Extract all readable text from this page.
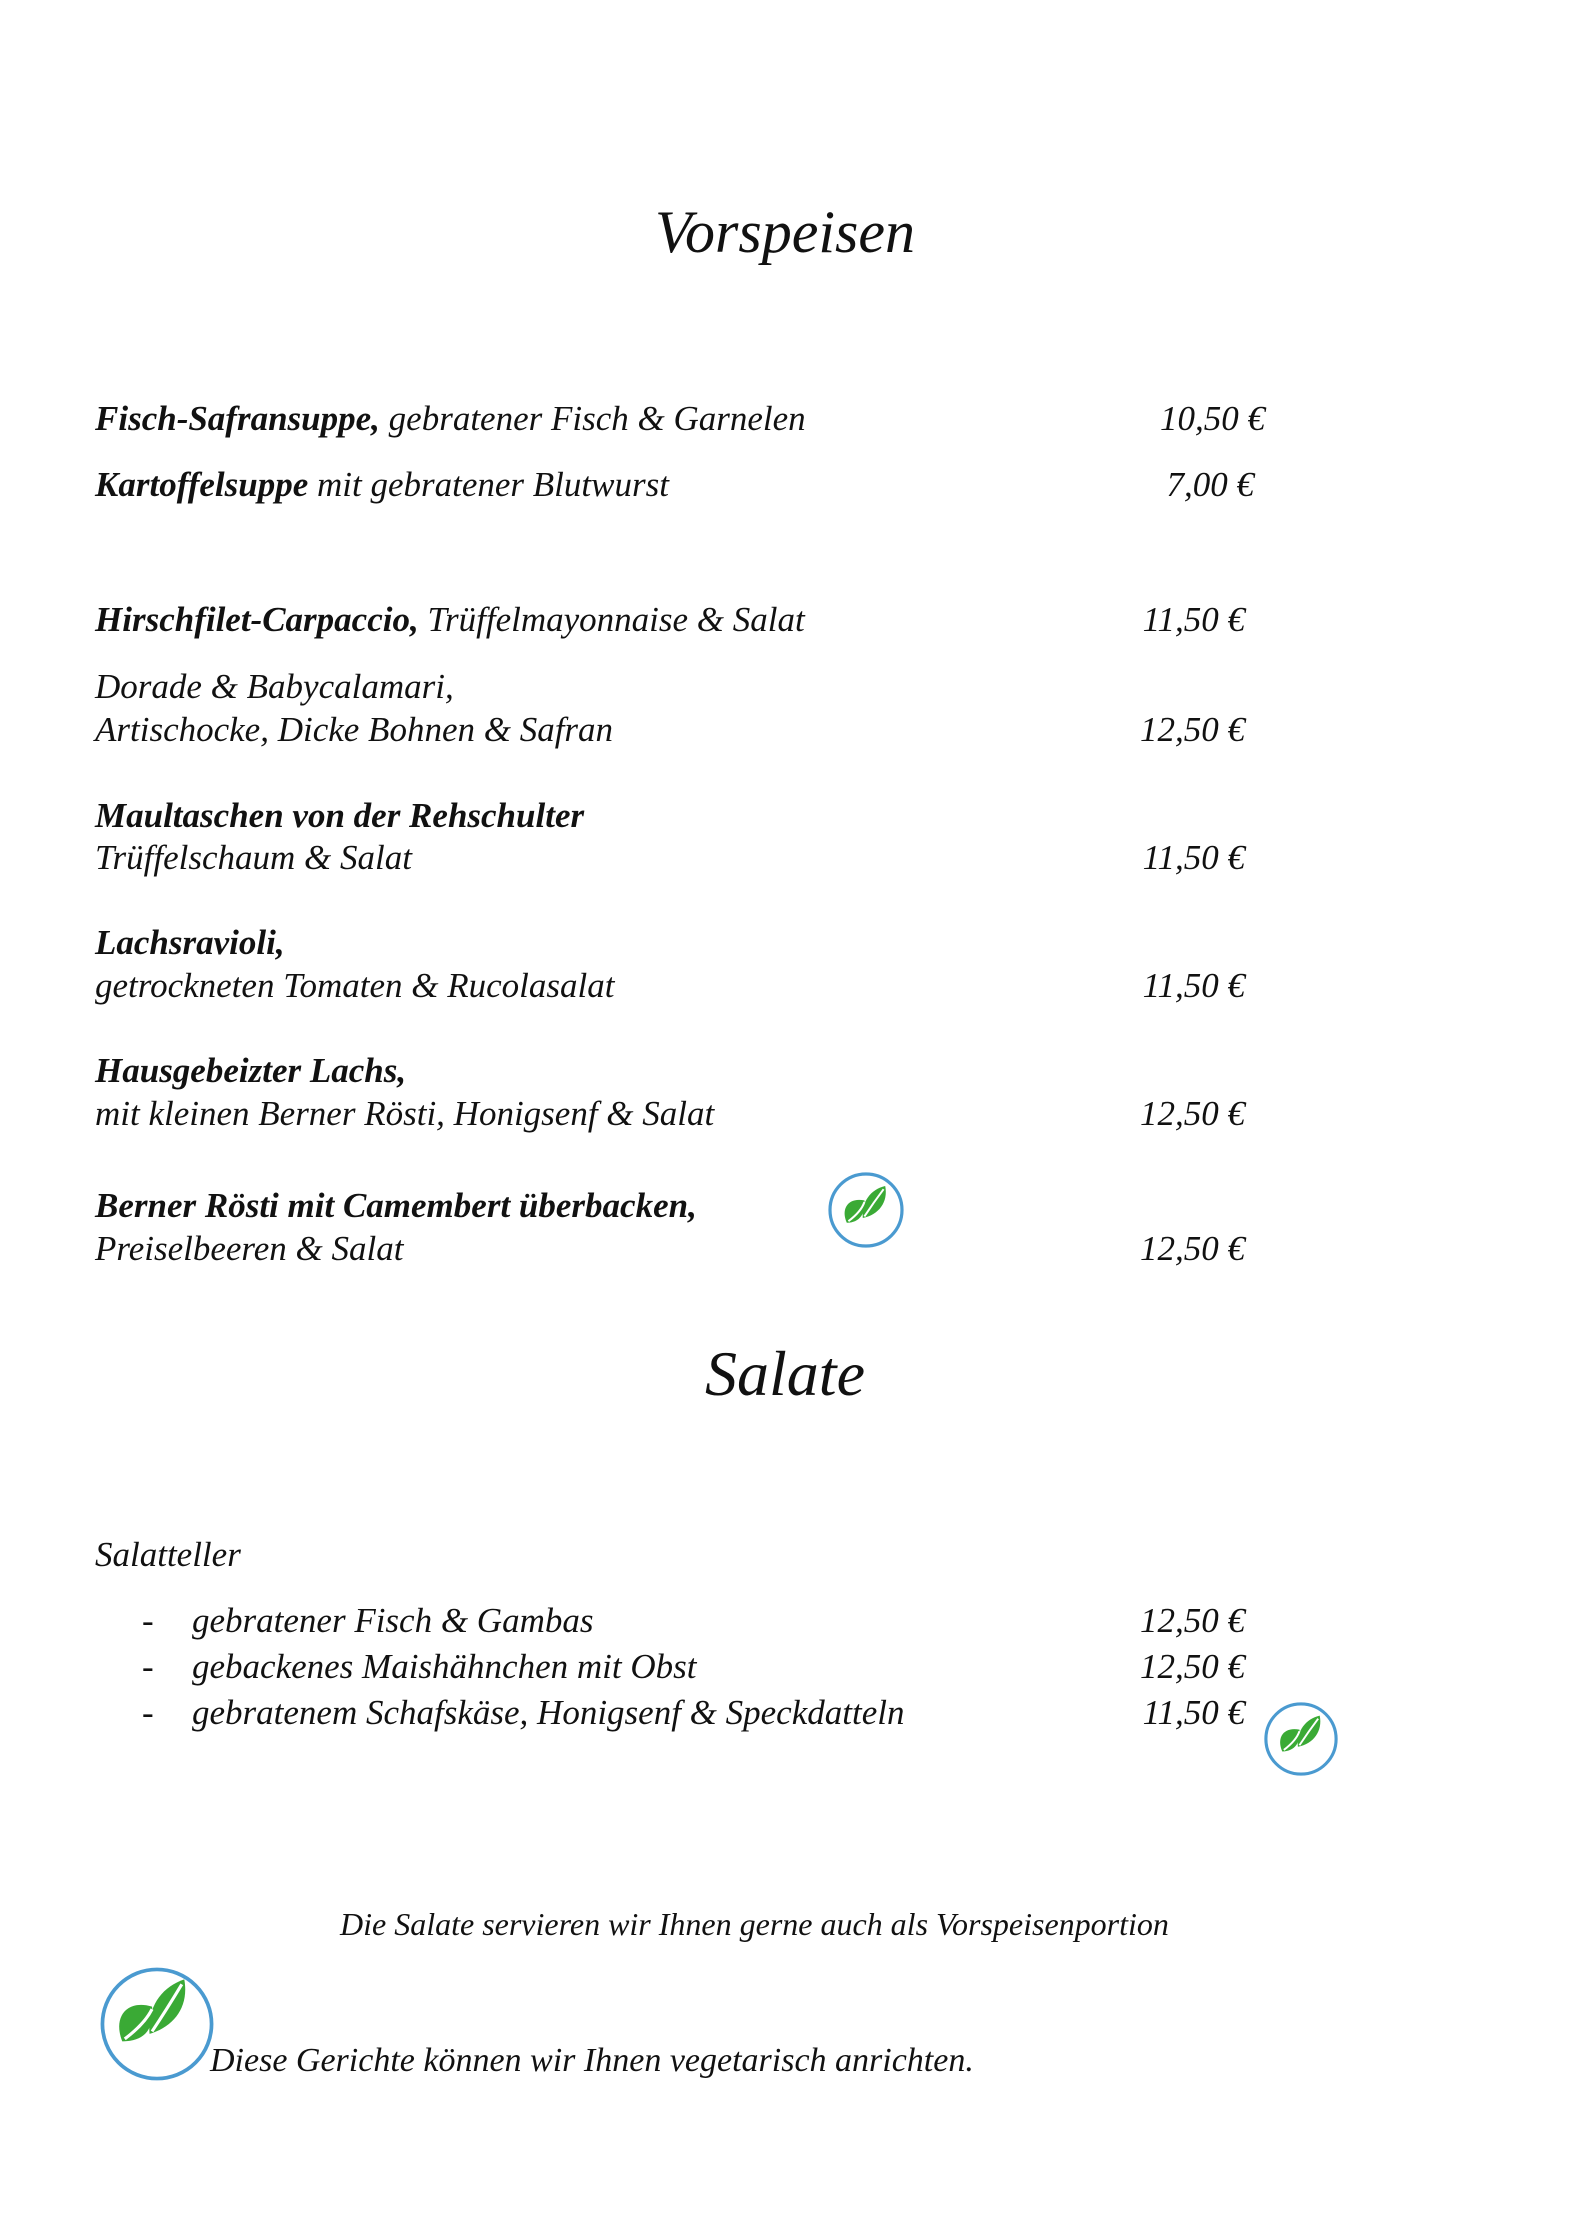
Vorspeisen
Fisch-Safransuppe, gebratener Fisch & Garnelen	10,50 €
Kartoffelsuppe mit gebratener Blutwurst	7,00 €
Hirschfilet-Carpaccio, Trüffelmayonnaise & Salat	11,50 €
Dorade & Babycalamari,
Artischocke, Dicke Bohnen & Safran	12,50 €
Maultaschen von der Rehschulter
Trüffelschaum & Salat	11,50 €
Lachsravioli,
getrockneten Tomaten & Rucolasalat	11,50 €
Hausgebeizter Lachs,
mit kleinen Berner Rösti, Honigsenf & Salat	12,50 €
Berner Rösti mit Camembert überbacken,
Preiselbeeren & Salat	12,50 €
Salate
Salatteller
- gebratener Fisch & Gambas	12,50 €
- gebackenes Maishähnchen mit Obst	12,50 €
- gebratenem Schafskäse, Honigsenf & Speckdatteln	11,50 €
Die Salate servieren wir Ihnen gerne auch als Vorspeisenportion
Diese Gerichte können wir Ihnen vegetarisch anrichten.
